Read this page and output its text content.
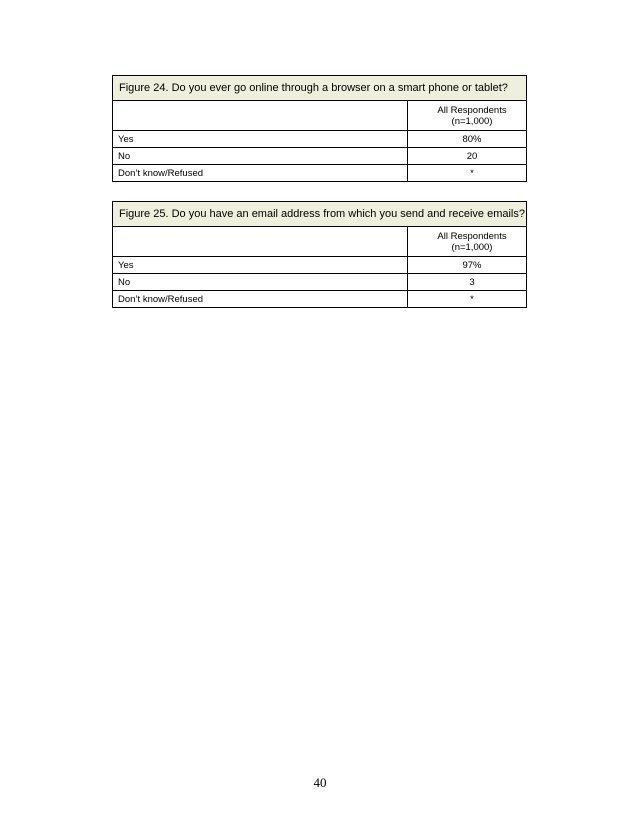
Figure 24. Do you ever go online through a browser on a smart phone or tablet?
All Respondents
(n=1,000)
Yes	80%
No	20
Don’t know/Refused	*
Figure 25. Do you have an email address from which you send and receive emails?
All Respondents
(n=1,000)
Yes	97%
No	3
Don’t know/Refused	*
40
